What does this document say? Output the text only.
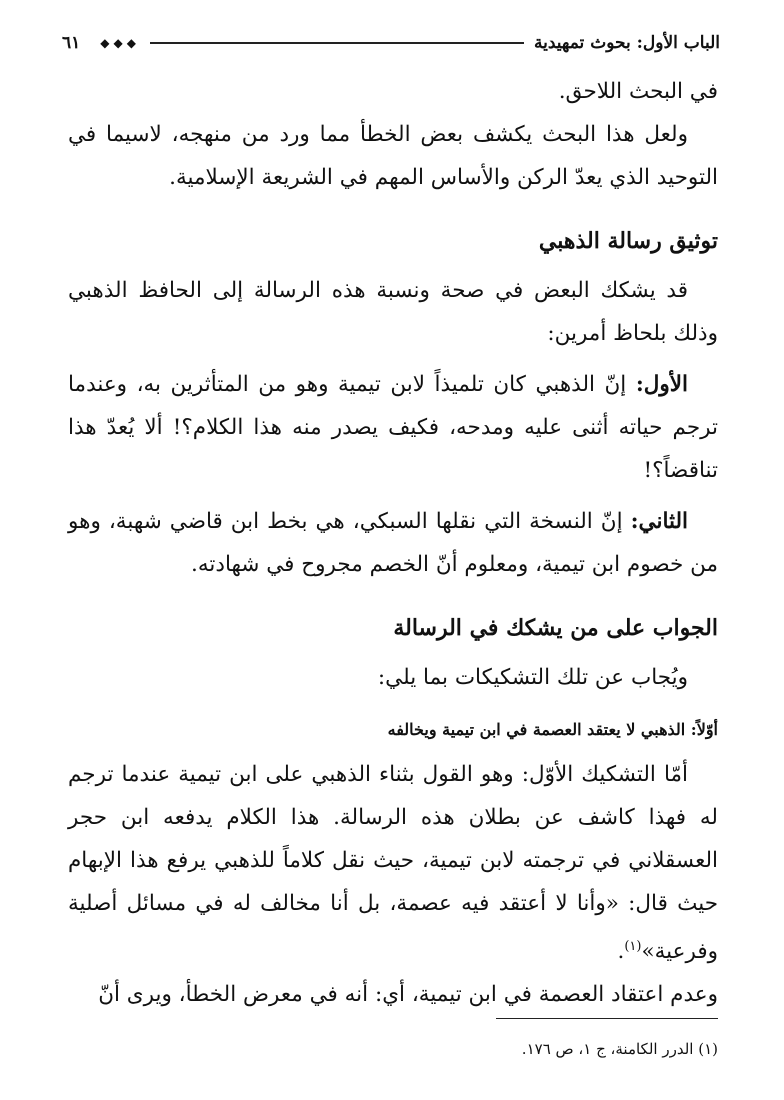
الباب الأول: بحوث تمهيدية
◆◆◆
٦١

في البحث اللاحق.

ولعل هذا البحث يكشف بعض الخطأ مما ورد من منهجه، لاسيما في التوحيد الذي يعدّ الركن والأساس المهم في الشريعة الإسلامية.

توثيق رسالة الذهبي

قد يشكك البعض في صحة ونسبة هذه الرسالة إلى الحافظ الذهبي وذلك بلحاظ أمرين:

الأول: إنّ الذهبي كان تلميذاً لابن تيمية وهو من المتأثرين به، وعندما ترجم حياته أثنى عليه ومدحه، فكيف يصدر منه هذا الكلام؟! ألا يُعدّ هذا تناقضاً؟!

الثاني: إنّ النسخة التي نقلها السبكي، هي بخط ابن قاضي شهبة، وهو من خصوم ابن تيمية، ومعلوم أنّ الخصم مجروح في شهادته.

الجواب على من يشكك في الرسالة

ويُجاب عن تلك التشكيكات بما يلي:

أوّلاً: الذهبي لا يعتقد العصمة في ابن تيمية ويخالفه

أمّا التشكيك الأوّل: وهو القول بثناء الذهبي على ابن تيمية عندما ترجم له فهذا كاشف عن بطلان هذه الرسالة. هذا الكلام يدفعه ابن حجر العسقلاني في ترجمته لابن تيمية، حيث نقل كلاماً للذهبي يرفع هذا الإبهام حيث قال: «وأنا لا أعتقد فيه عصمة، بل أنا مخالف له في مسائل أصلية وفرعية»$^{(١)}$.

وعدم اعتقاد العصمة في ابن تيمية، أي: أنه في معرض الخطأ، ويرى أنّ

(١) الدرر الكامنة، ج ١، ص ١٧٦.
